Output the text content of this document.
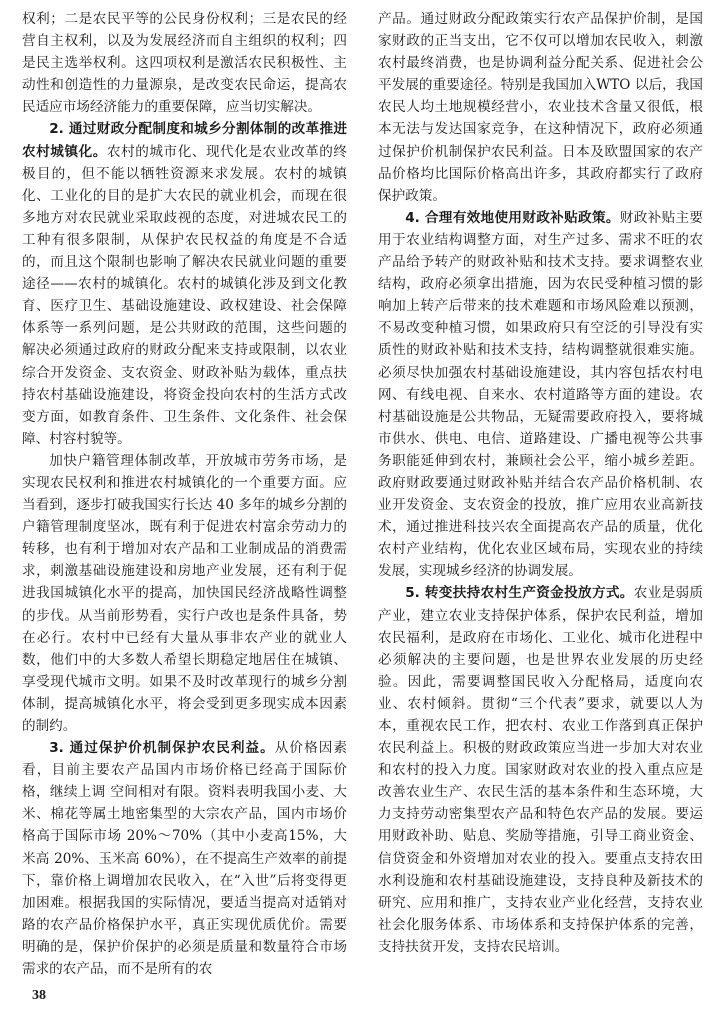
权利；二是农民平等的公民身份权利；三是农民的经营自主权利，以及为发展经济而自主组织的权利；四是民主选举权利。这四项权利是激活农民积极性、主动性和创造性的力量源泉，是改变农民命运，提高农民适应市场经济能力的重要保障，应当切实解决。

2. 通过财政分配制度和城乡分割体制的改革推进农村城镇化。农村的城市化、现代化是农业改革的终极目的，但不能以牺牲资源来求发展。农村的城镇化、工业化的目的是扩大农民的就业机会，而现在很多地方对农民就业采取歧视的态度，对进城农民工的工种有很多限制，从保护农民权益的角度是不合适的，而且这个限制也影响了解决农民就业问题的重要途径——农村的城镇化。农村的城镇化涉及到文化教育、医疗卫生、基础设施建设、政权建设、社会保障体系等一系列问题，是公共财政的范围，这些问题的解决必须通过政府的财政分配来支持或限制，以农业综合开发资金、支农资金、财政补贴为载体，重点扶持农村基础设施建设，将资金投向农村的生活方式改变方面，如教育条件、卫生条件、文化条件、社会保障、村容村貌等。

加快户籍管理体制改革，开放城市劳务市场，是实现农民权利和推进农村城镇化的一个重要方面。应当看到，逐步打破我国实行长达 40 多年的城乡分割的户籍管理制度坚冰，既有利于促进农村富余劳动力的转移，也有利于增加对农产品和工业制成品的消费需求，刺激基础设施建设和房地产业发展，还有利于促进我国城镇化水平的提高，加快国民经济战略性调整的步伐。从当前形势看，实行户改也是条件具备，势在必行。农村中已经有大量从事非农产业的就业人数，他们中的大多数人希望长期稳定地居住在城镇、享受现代城市文明。如果不及时改革现行的城乡分割体制，提高城镇化水平，将会受到更多现实成本因素的制约。

3. 通过保护价机制保护农民利益。从价格因素看，目前主要农产品国内市场价格已经高于国际价格，继续上调 空间相对有限。资料表明我国小麦、大米、棉花等属土地密集型的大宗农产品，国内市场价格高于国际市场 20%～70%（其中小麦高15%，大米高 20%、玉米高 60%），在不提高生产效率的前提下，靠价格上调增加农民收入，在“入世”后将变得更加困难。根据我国的实际情况，要适当提高对适销对路的农产品价格保护水平，真正实现优质优价。需要明确的是，保护价保护的必须是质量和数量符合市场需求的农产品，而不是所有的农

产品。通过财政分配政策实行农产品保护价制，是国家财政的正当支出，它不仅可以增加农民收入，刺激农村最终消费，也是协调利益分配关系、促进社会公平发展的重要途径。特别是我国加入WTO 以后，我国农民人均土地规模经营小，农业技术含量又很低，根本无法与发达国家竞争，在这种情况下，政府必须通过保护价机制保护农民利益。日本及欧盟国家的农产品价格均比国际价格高出许多，其政府都实行了政府保护政策。

4. 合理有效地使用财政补贴政策。财政补贴主要用于农业结构调整方面，对生产过多、需求不旺的农产品给予转产的财政补贴和技术支持。要求调整农业结构，政府必须拿出措施，因为农民受种植习惯的影响加上转产后带来的技术难题和市场风险难以预测，不易改变种植习惯，如果政府只有空泛的引导没有实质性的财政补贴和技术支持，结构调整就很难实施。必须尽快加强农村基础设施建设，其内容包括农村电网、有线电视、自来水、农村道路等方面的建设。农村基础设施是公共物品，无疑需要政府投入，要将城市供水、供电、电信、道路建设、广播电视等公共事务职能延伸到农村，兼顾社会公平，缩小城乡差距。政府财政要通过财政补贴并结合农产品价格机制、农业开发资金、支农资金的投放，推广应用农业高新技术，通过推进科技兴农全面提高农产品的质量，优化农村产业结构，优化农业区域布局，实现农业的持续发展，实现城乡经济的协调发展。

5. 转变扶持农村生产资金投放方式。农业是弱质产业，建立农业支持保护体系，保护农民利益，增加农民福利，是政府在市场化、工业化、城市化进程中必须解决的主要问题，也是世界农业发展的历史经验。因此，需要调整国民收入分配格局，适度向农业、农村倾斜。贯彻“三个代表”要求，就要以人为本，重视农民工作，把农村、农业工作落到真正保护农民利益上。积极的财政政策应当进一步加大对农业和农村的投入力度。国家财政对农业的投入重点应是改善农业生产、农民生活的基本条件和生态环境，大力支持劳动密集型农产品和特色农产品的发展。要运用财政补助、贴息、奖励等措施，引导工商业资金、信贷资金和外资增加对农业的投入。要重点支持农田水利设施和农村基础设施建设，支持良种及新技术的研究、应用和推广，支持农业产业化经营，支持农业社会化服务体系、市场体系和支持保护体系的完善，支持扶贫开发，支持农民培训。

38
